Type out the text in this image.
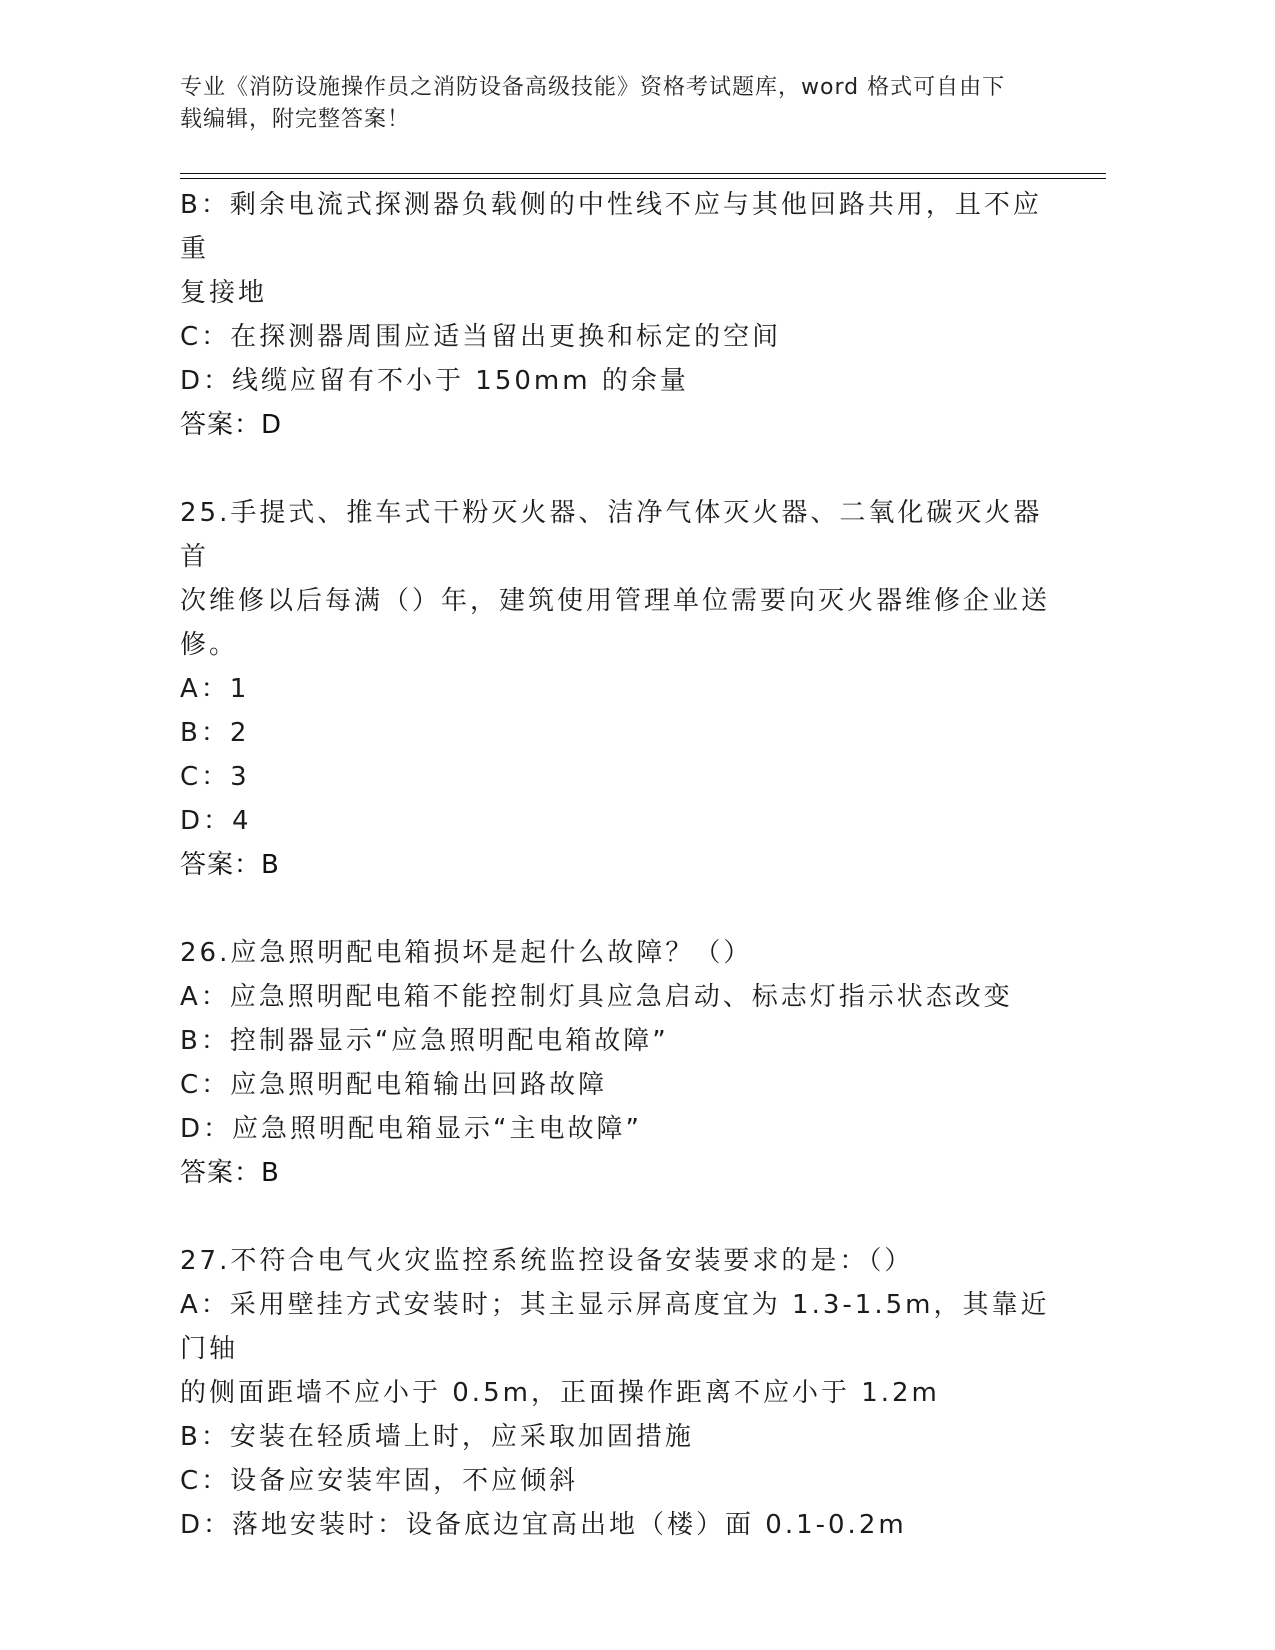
专业《消防设施操作员之消防设备高级技能》资格考试题库，word 格式可自由下
载编辑，附完整答案！
B：剩余电流式探测器负载侧的中性线不应与其他回路共用，且不应重
复接地
C：在探测器周围应适当留出更换和标定的空间
D：线缆应留有不小于 150mm 的余量
答案：D
25.手提式、推车式干粉灭火器、洁净气体灭火器、二氧化碳灭火器首
次维修以后每满（）年，建筑使用管理单位需要向灭火器维修企业送
修。
A：1
B：2
C：3
D：4
答案：B
26.应急照明配电箱损坏是起什么故障？（）
A：应急照明配电箱不能控制灯具应急启动、标志灯指示状态改变
B：控制器显示“应急照明配电箱故障”
C：应急照明配电箱输出回路故障
D：应急照明配电箱显示“主电故障”
答案：B
27.不符合电气火灾监控系统监控设备安装要求的是：（）
A：采用壁挂方式安装时；其主显示屏高度宜为 1.3-1.5m，其靠近门轴
的侧面距墙不应小于 0.5m，正面操作距离不应小于 1.2m
B：安装在轻质墙上时，应采取加固措施
C：设备应安装牢固，不应倾斜
D：落地安装时：设备底边宜高出地（楼）面 0.1-0.2m
